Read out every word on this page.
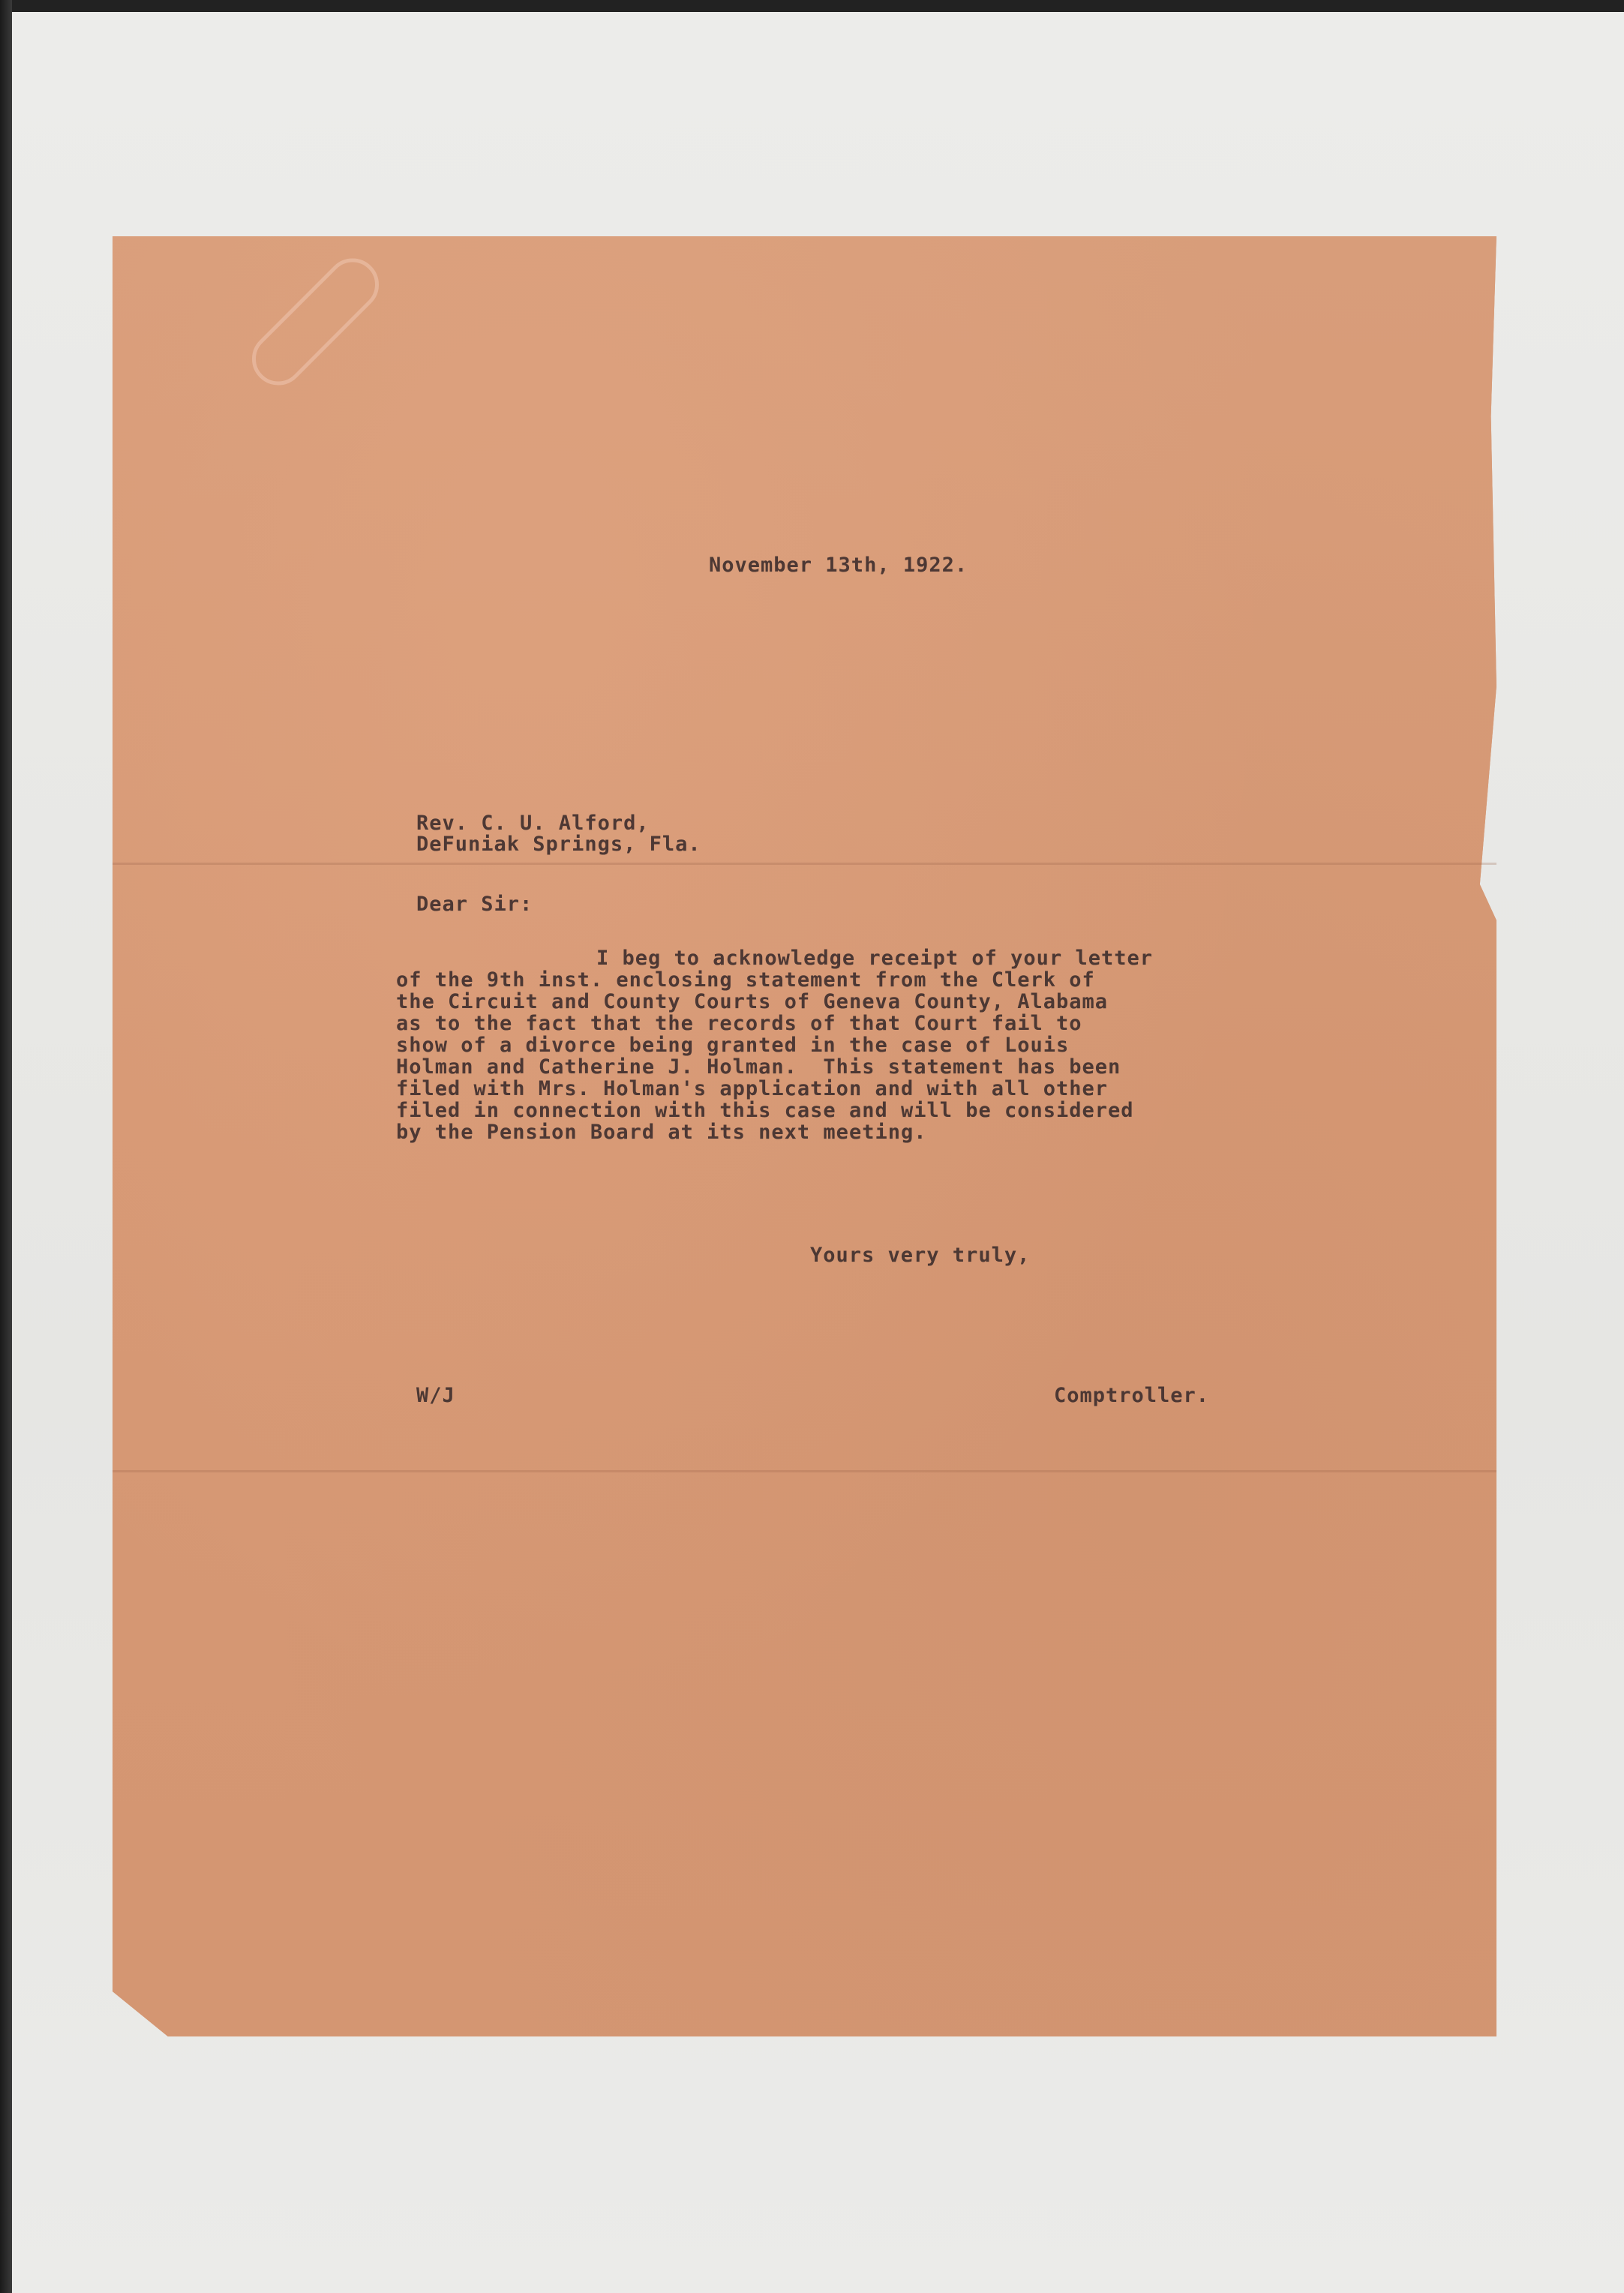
November 13th, 1922.
Rev. C. U. Alford,
DeFuniak Springs, Fla.
Dear Sir:
I beg to acknowledge receipt of your letter
of the 9th inst. enclosing statement from the Clerk of
the Circuit and County Courts of Geneva County, Alabama
as to the fact that the records of that Court fail to
show of a divorce being granted in the case of Louis
Holman and Catherine J. Holman.  This statement has been
filed with Mrs. Holman's application and with all other
filed in connection with this case and will be considered
by the Pension Board at its next meeting.
Yours very truly,
W/J	Comptroller.
